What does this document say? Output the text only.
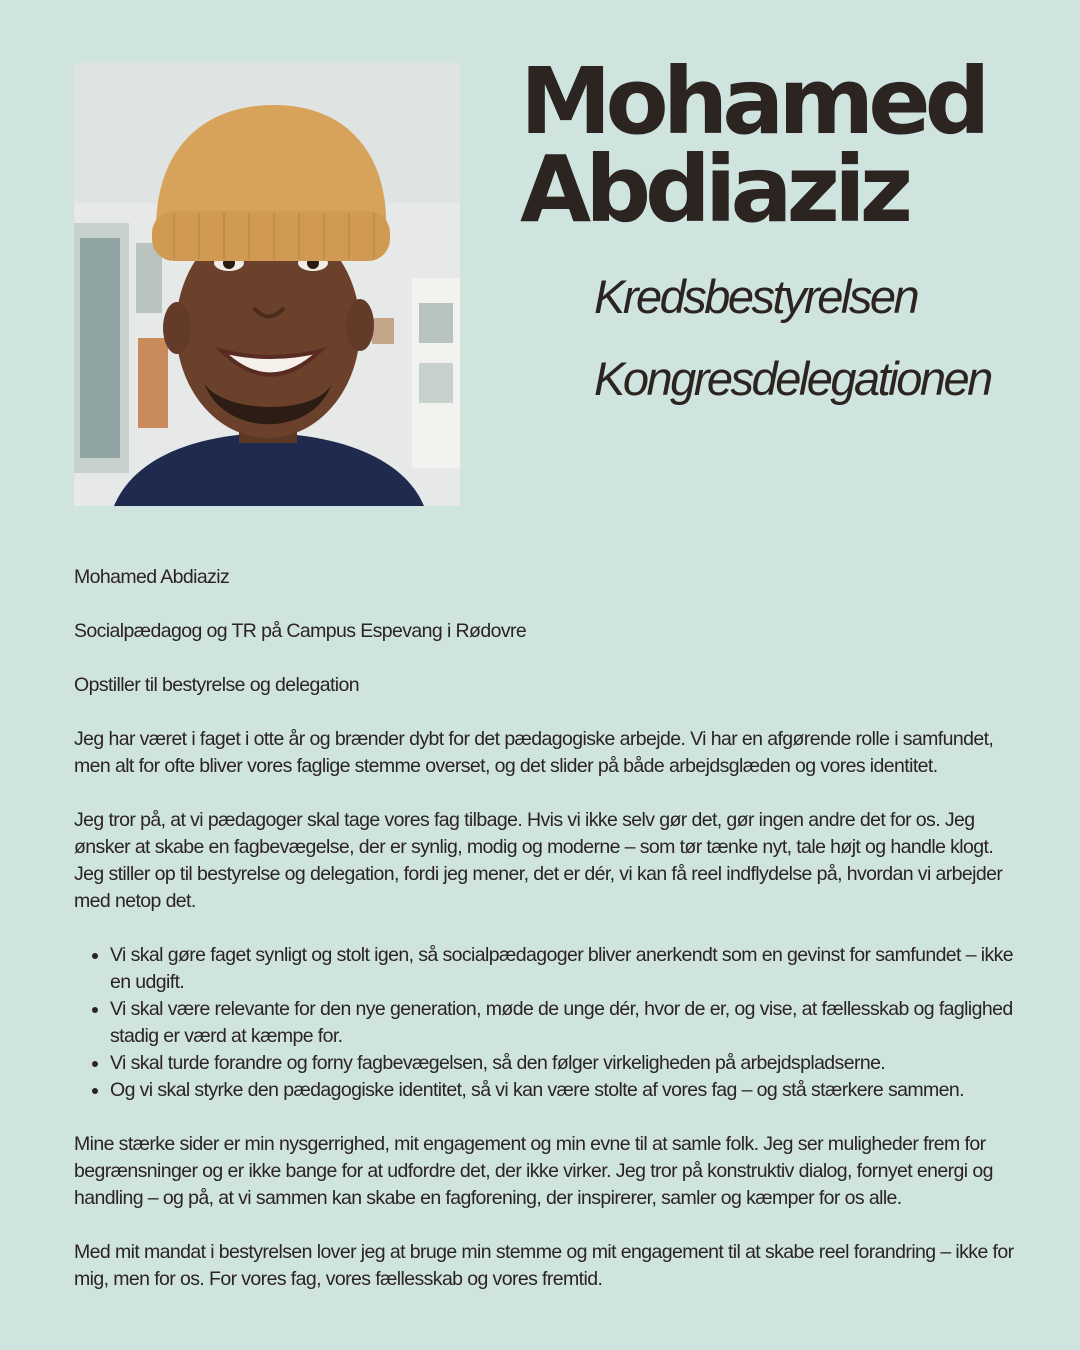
Mohamed
Abdiaziz
Kredsbestyrelsen
Kongresdelegationen

Mohamed Abdiaziz

Socialpædagog og TR på Campus Espevang i Rødovre

Opstiller til bestyrelse og delegation

Jeg har været i faget i otte år og brænder dybt for det pædagogiske arbejde. Vi har en afgørende rolle i samfundet, men alt for ofte bliver vores faglige stemme overset, og det slider på både arbejdsglæden og vores identitet.

Jeg tror på, at vi pædagoger skal tage vores fag tilbage. Hvis vi ikke selv gør det, gør ingen andre det for os. Jeg ønsker at skabe en fagbevægelse, der er synlig, modig og moderne – som tør tænke nyt, tale højt og handle klogt. Jeg stiller op til bestyrelse og delegation, fordi jeg mener, det er dér, vi kan få reel indflydelse på, hvordan vi arbejder med netop det.

• Vi skal gøre faget synligt og stolt igen, så socialpædagoger bliver anerkendt som en gevinst for samfundet – ikke en udgift.
• Vi skal være relevante for den nye generation, møde de unge dér, hvor de er, og vise, at fællesskab og faglighed stadig er værd at kæmpe for.
• Vi skal turde forandre og forny fagbevægelsen, så den følger virkeligheden på arbejdspladserne.
• Og vi skal styrke den pædagogiske identitet, så vi kan være stolte af vores fag – og stå stærkere sammen.

Mine stærke sider er min nysgerrighed, mit engagement og min evne til at samle folk. Jeg ser muligheder frem for begrænsninger og er ikke bange for at udfordre det, der ikke virker. Jeg tror på konstruktiv dialog, fornyet energi og handling – og på, at vi sammen kan skabe en fagforening, der inspirerer, samler og kæmper for os alle.

Med mit mandat i bestyrelsen lover jeg at bruge min stemme og mit engagement til at skabe reel forandring – ikke for mig, men for os. For vores fag, vores fællesskab og vores fremtid.
